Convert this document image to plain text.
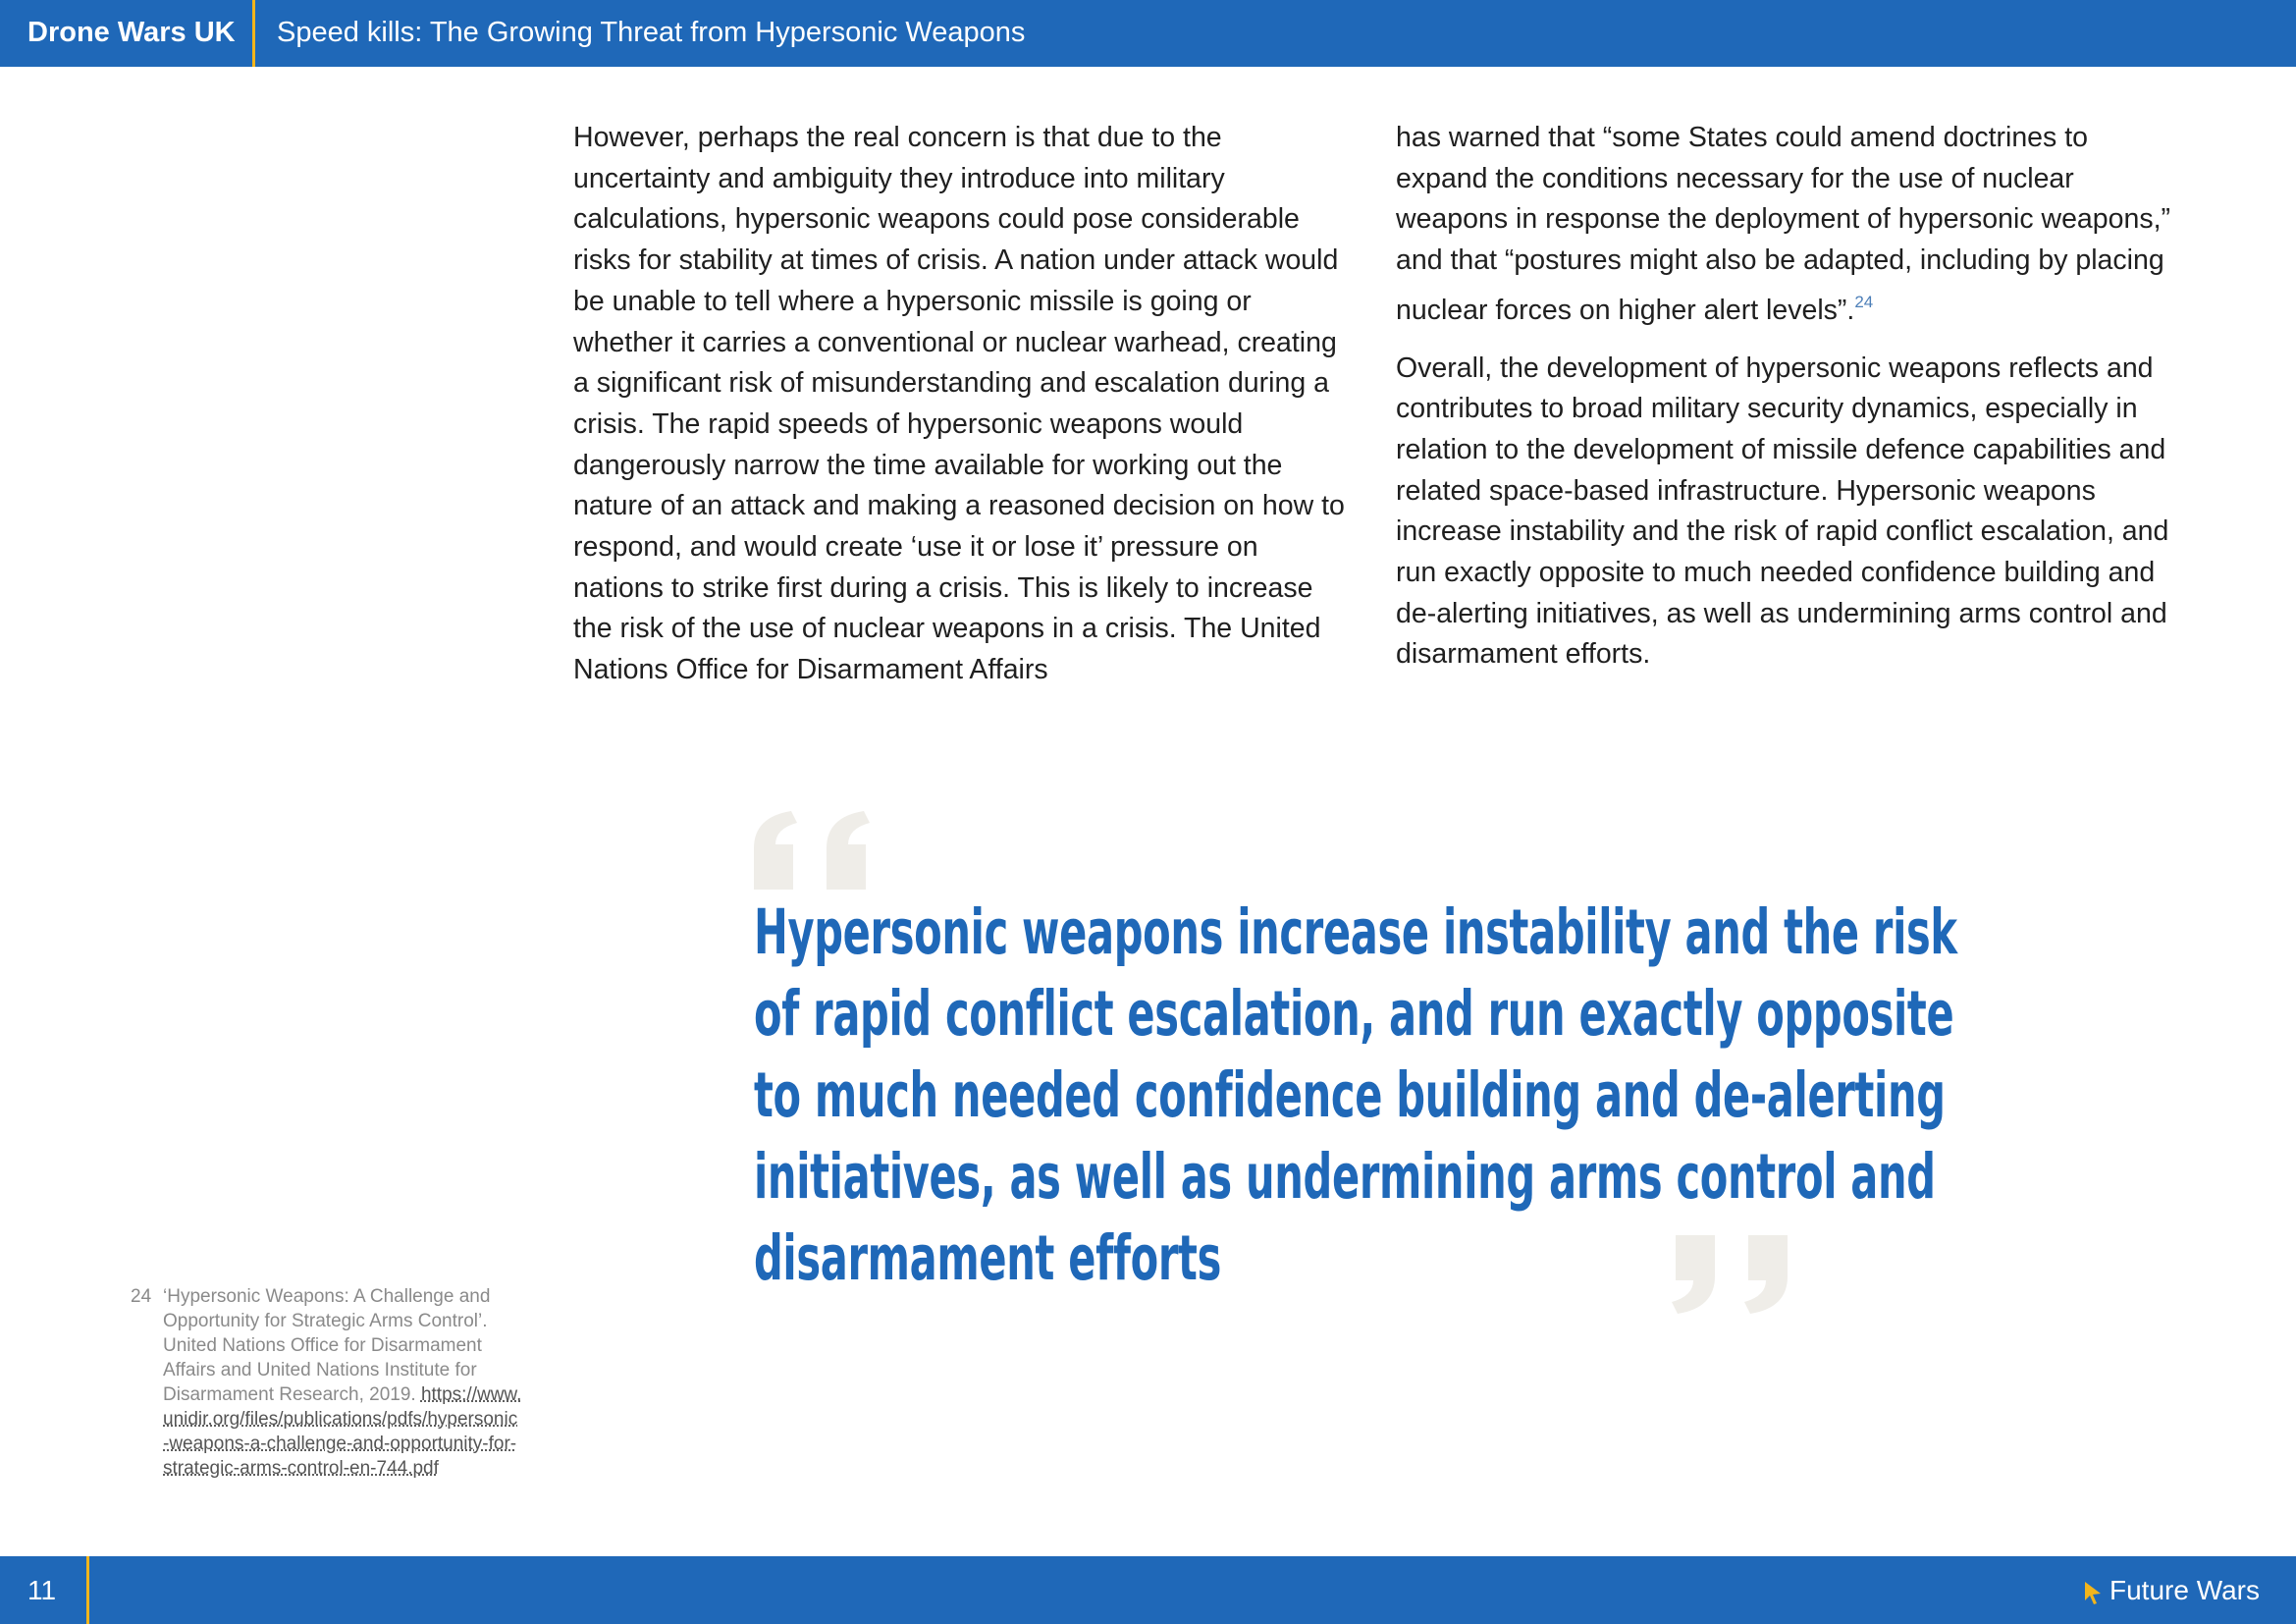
Drone Wars UK Speed kills: The Growing Threat from Hypersonic Weapons

However, perhaps the real concern is that due to the uncertainty and ambiguity they introduce into military calculations, hypersonic weapons could pose considerable risks for stability at times of crisis. A nation under attack would be unable to tell where a hypersonic missile is going or whether it carries a conventional or nuclear warhead, creating a significant risk of misunderstanding and escalation during a crisis. The rapid speeds of hypersonic weapons would dangerously narrow the time available for working out the nature of an attack and making a reasoned decision on how to respond, and would create ‘use it or lose it’ pressure on nations to strike first during a crisis. This is likely to increase the risk of the use of nuclear weapons in a crisis. The United Nations Office for Disarmament Affairs

has warned that “some States could amend doctrines to expand the conditions necessary for the use of nuclear weapons in response the deployment of hypersonic weapons,” and that “postures might also be adapted, including by placing nuclear forces on higher alert levels”.$^{24}$

Overall, the development of hypersonic weapons reflects and contributes to broad military security dynamics, especially in relation to the development of missile defence capabilities and related space-based infrastructure. Hypersonic weapons increase instability and the risk of rapid conflict escalation, and run exactly opposite to much needed confidence building and de-alerting initiatives, as well as undermining arms control and disarmament efforts.

Hypersonic weapons increase instability and the risk of rapid conflict escalation, and run exactly opposite to much needed confidence building and de-alerting initiatives, as well as undermining arms control and disarmament efforts
24 ‘Hypersonic Weapons: A Challenge and Opportunity for Strategic Arms Control’. United Nations Office for Disarmament Affairs and United Nations Institute for Disarmament Research, 2019. https://www.unidir.org/files/publications/pdfs/hypersonic-weapons-a-challenge-and-opportunity-for-strategic-arms-control-en-744.pdf
11	Future Wars
